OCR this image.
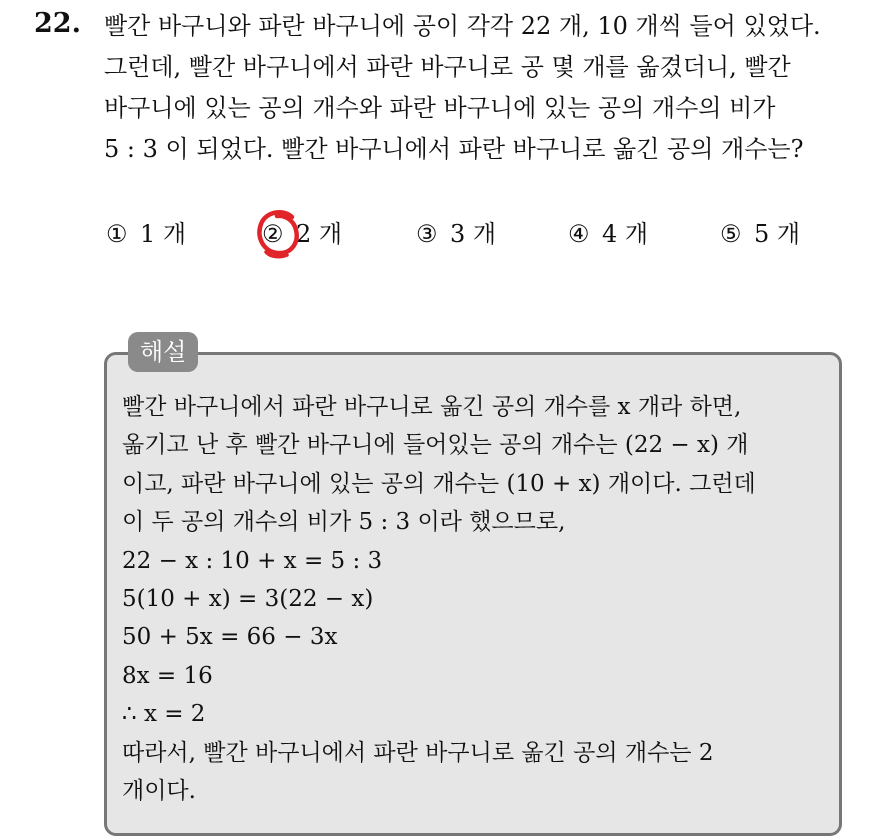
22. 빨간 바구니와 파란 바구니에 공이 각각 22 개, 10 개씩 들어 있었다.
그런데, 빨간 바구니에서 파란 바구니로 공 몇 개를 옮겼더니, 빨간
바구니에 있는 공의 개수와 파란 바구니에 있는 공의 개수의 비가
5 : 3 이 되었다. 빨간 바구니에서 파란 바구니로 옮긴 공의 개수는?
① 1 개	② 2 개	③ 3 개	④ 4 개	⑤ 5 개
해설
빨간 바구니에서 파란 바구니로 옮긴 공의 개수를 x 개라 하면,
옮기고 난 후 빨간 바구니에 들어있는 공의 개수는 (22 − x) 개
이고, 파란 바구니에 있는 공의 개수는 (10 + x) 개이다. 그런데
이 두 공의 개수의 비가 5 : 3 이라 했으므로,
22 − x : 10 + x = 5 : 3
5(10 + x) = 3(22 − x)
50 + 5x = 66 − 3x
8x = 16
∴ x = 2
따라서, 빨간 바구니에서 파란 바구니로 옮긴 공의 개수는 2
개이다.
